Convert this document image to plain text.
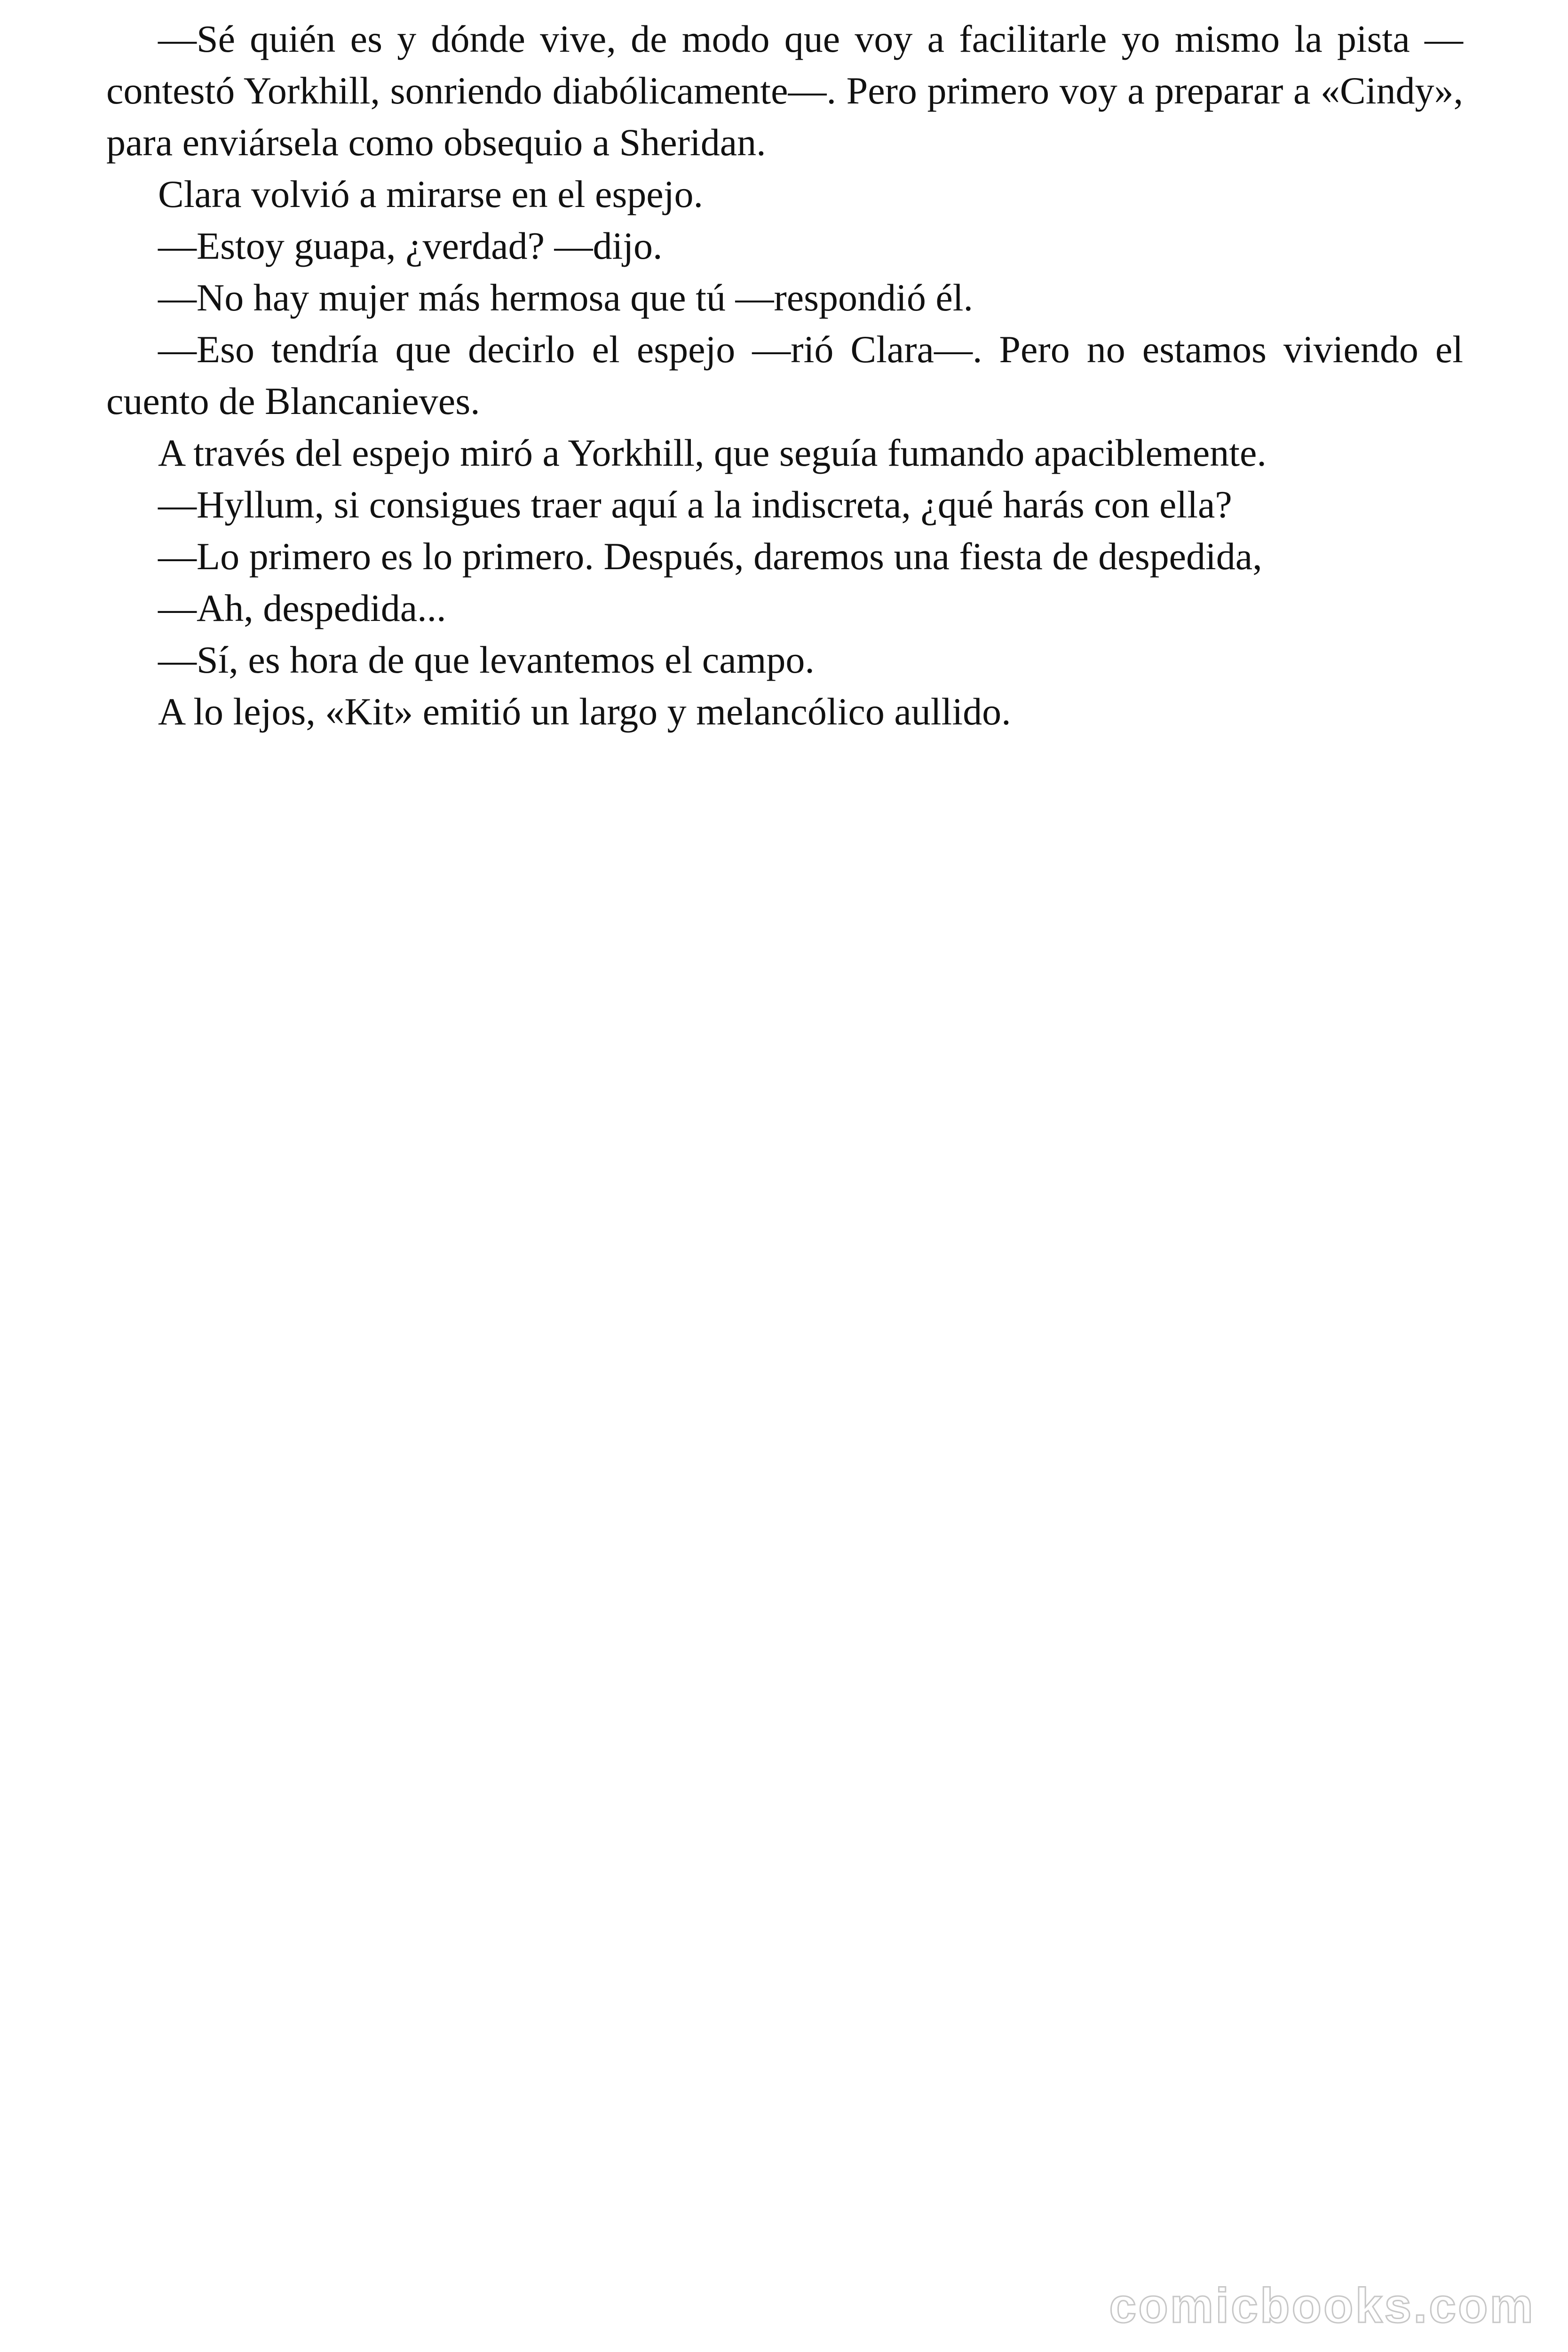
—Sé quién es y dónde vive, de modo que voy a facilitarle yo mismo la pista —contestó Yorkhill, sonriendo diabólicamente—. Pero primero voy a preparar a «Cindy», para enviársela como obsequio a Sheridan.

Clara volvió a mirarse en el espejo.

—Estoy guapa, ¿verdad? —dijo.

—No hay mujer más hermosa que tú —respondió él.

—Eso tendría que decirlo el espejo —rió Clara—. Pero no estamos viviendo el cuento de Blancanieves.

A través del espejo miró a Yorkhill, que seguía fumando apaciblemente.

—Hyllum, si consigues traer aquí a la indiscreta, ¿qué harás con ella?

—Lo primero es lo primero. Después, daremos una fiesta de despedida,

—Ah, despedida...

—Sí, es hora de que levantemos el campo.

A lo lejos, «Kit» emitió un largo y melancólico aullido.

comicbooks.com
